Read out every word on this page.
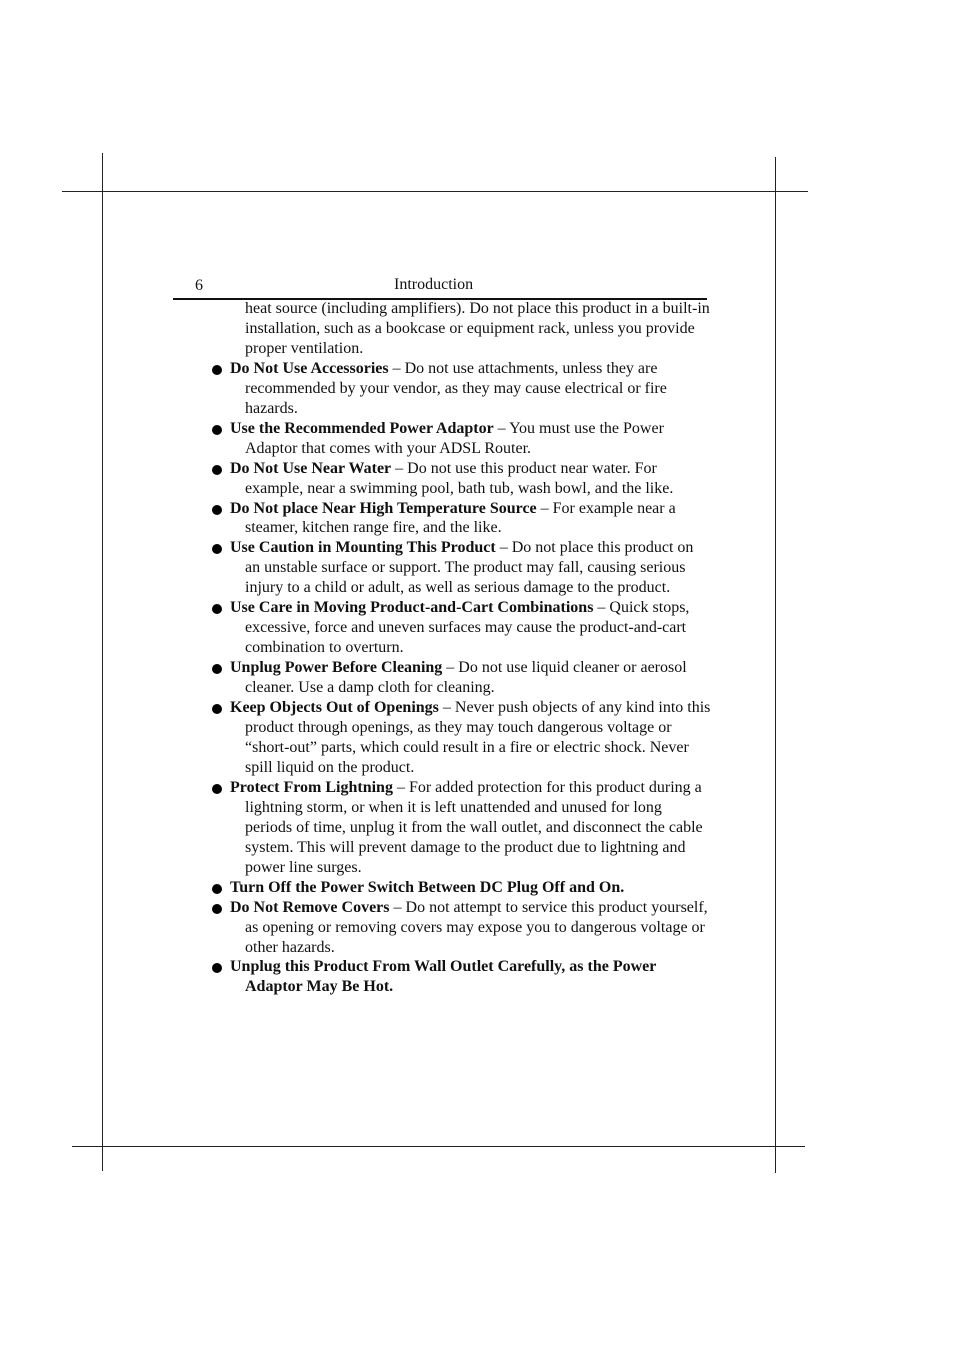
6	Introduction

heat source (including amplifiers). Do not place this product in a built-in installation, such as a bookcase or equipment rack, unless you provide proper ventilation.

Do Not Use Accessories – Do not use attachments, unless they are recommended by your vendor, as they may cause electrical or fire hazards.
Use the Recommended Power Adaptor – You must use the Power Adaptor that comes with your ADSL Router.
Do Not Use Near Water – Do not use this product near water. For example, near a swimming pool, bath tub, wash bowl, and the like.
Do Not place Near High Temperature Source – For example near a steamer, kitchen range fire, and the like.
Use Caution in Mounting This Product – Do not place this product on an unstable surface or support. The product may fall, causing serious injury to a child or adult, as well as serious damage to the product.
Use Care in Moving Product-and-Cart Combinations – Quick stops, excessive, force and uneven surfaces may cause the product-and-cart combination to overturn.
Unplug Power Before Cleaning – Do not use liquid cleaner or aerosol cleaner. Use a damp cloth for cleaning.
Keep Objects Out of Openings – Never push objects of any kind into this product through openings, as they may touch dangerous voltage or “short-out” parts, which could result in a fire or electric shock. Never spill liquid on the product.
Protect From Lightning – For added protection for this product during a lightning storm, or when it is left unattended and unused for long periods of time, unplug it from the wall outlet, and disconnect the cable system. This will prevent damage to the product due to lightning and power line surges.
Turn Off the Power Switch Between DC Plug Off and On.
Do Not Remove Covers – Do not attempt to service this product yourself, as opening or removing covers may expose you to dangerous voltage or other hazards.
Unplug this Product From Wall Outlet Carefully, as the Power Adaptor May Be Hot.
